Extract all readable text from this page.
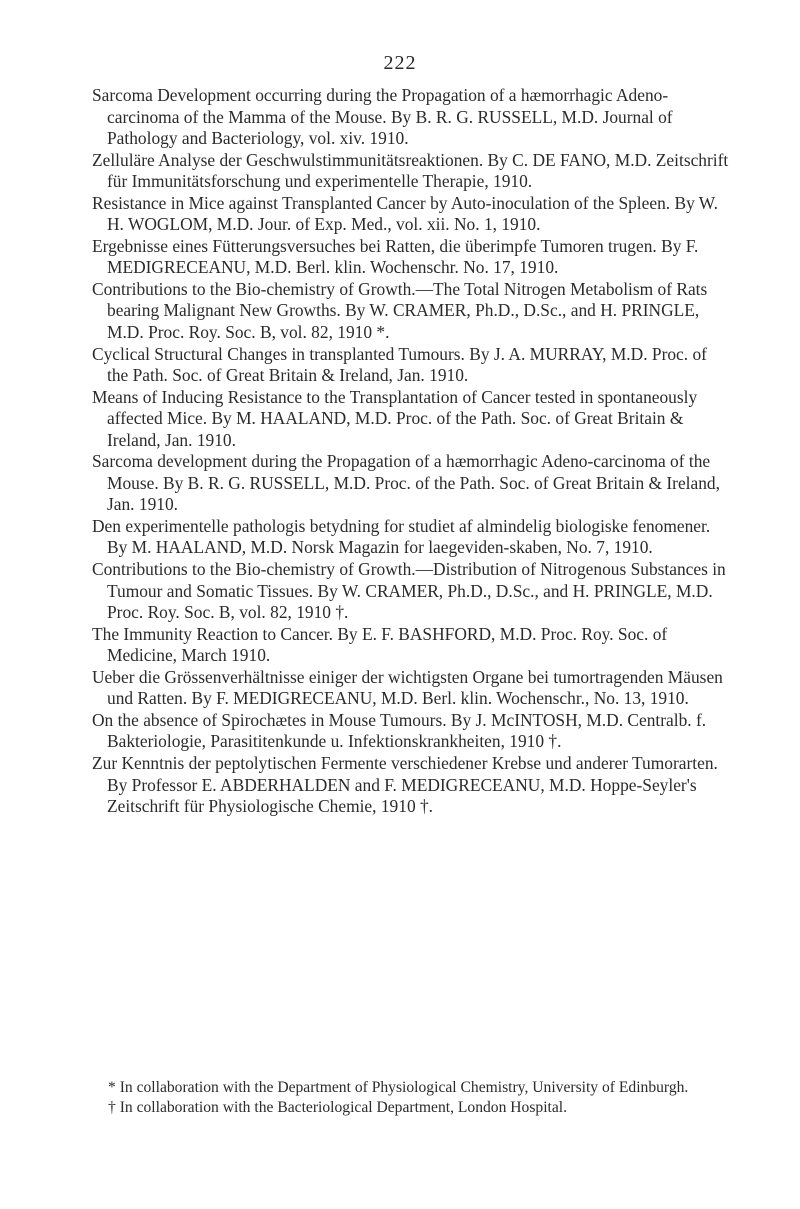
222

Sarcoma Development occurring during the Propagation of a hæmorrhagic Adeno-carcinoma of the Mamma of the Mouse. By B. R. G. RUSSELL, M.D. Journal of Pathology and Bacteriology, vol. xiv. 1910.

Zelluläre Analyse der Geschwulstimmunitätsreaktionen. By C. DE FANO, M.D. Zeitschrift für Immunitätsforschung und experimentelle Therapie, 1910.

Resistance in Mice against Transplanted Cancer by Auto-inoculation of the Spleen. By W. H. WOGLOM, M.D. Jour. of Exp. Med., vol. xii. No. 1, 1910.

Ergebnisse eines Fütterungsversuches bei Ratten, die überimpfe Tumoren trugen. By F. MEDIGRECEANU, M.D. Berl. klin. Wochenschr. No. 17, 1910.

Contributions to the Bio-chemistry of Growth.—The Total Nitrogen Metabolism of Rats bearing Malignant New Growths. By W. CRAMER, Ph.D., D.Sc., and H. PRINGLE, M.D. Proc. Roy. Soc. B, vol. 82, 1910 *.

Cyclical Structural Changes in transplanted Tumours. By J. A. MURRAY, M.D. Proc. of the Path. Soc. of Great Britain & Ireland, Jan. 1910.

Means of Inducing Resistance to the Transplantation of Cancer tested in spontaneously affected Mice. By M. HAALAND, M.D. Proc. of the Path. Soc. of Great Britain & Ireland, Jan. 1910.

Sarcoma development during the Propagation of a hæmorrhagic Adeno-carcinoma of the Mouse. By B. R. G. RUSSELL, M.D. Proc. of the Path. Soc. of Great Britain & Ireland, Jan. 1910.

Den experimentelle pathologis betydning for studiet af almindelig biologiske fenomener. By M. HAALAND, M.D. Norsk Magazin for laegeviden-skaben, No. 7, 1910.

Contributions to the Bio-chemistry of Growth.—Distribution of Nitrogenous Substances in Tumour and Somatic Tissues. By W. CRAMER, Ph.D., D.Sc., and H. PRINGLE, M.D. Proc. Roy. Soc. B, vol. 82, 1910 †.

The Immunity Reaction to Cancer. By E. F. BASHFORD, M.D. Proc. Roy. Soc. of Medicine, March 1910.

Ueber die Grössenverhältnisse einiger der wichtigsten Organe bei tumortragenden Mäusen und Ratten. By F. MEDIGRECEANU, M.D. Berl. klin. Wochenschr., No. 13, 1910.

On the absence of Spirochætes in Mouse Tumours. By J. McINTOSH, M.D. Centralb. f. Bakteriologie, Parasititenkunde u. Infektionskrankheiten, 1910 †.

Zur Kenntnis der peptolytischen Fermente verschiedener Krebse und anderer Tumorarten. By Professor E. ABDERHALDEN and F. MEDIGRECEANU, M.D. Hoppe-Seyler's Zeitschrift für Physiologische Chemie, 1910 †.

* In collaboration with the Department of Physiological Chemistry, University of Edinburgh.

† In collaboration with the Bacteriological Department, London Hospital.
